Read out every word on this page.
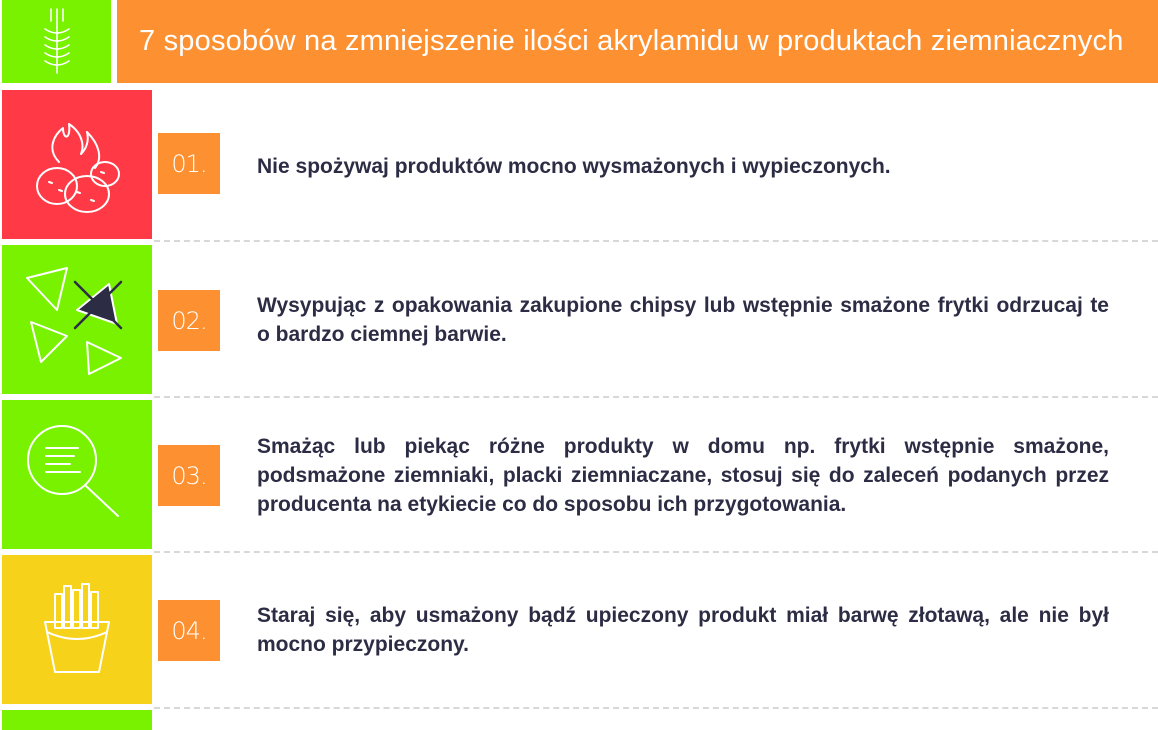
7 sposobów na zmniejszenie ilości akrylamidu w produktach ziemniacznych
01.	Nie spożywaj produktów mocno wysmażonych i wypieczonych.
02.
Wysypując z opakowania zakupione chipsy lub wstępnie smażone frytki odrzucaj te o bardzo ciemnej barwie.
03.
Smażąc lub piekąc różne produkty w domu np. frytki wstępnie smażone, podsmażone ziemniaki, placki ziemniaczane, stosuj się do zaleceń podanych przez producenta na etykiecie co do sposobu ich przygotowania.
04.
Staraj się, aby usmażony bądź upieczony produkt miał barwę złotawą, ale nie był mocno przypieczony.
